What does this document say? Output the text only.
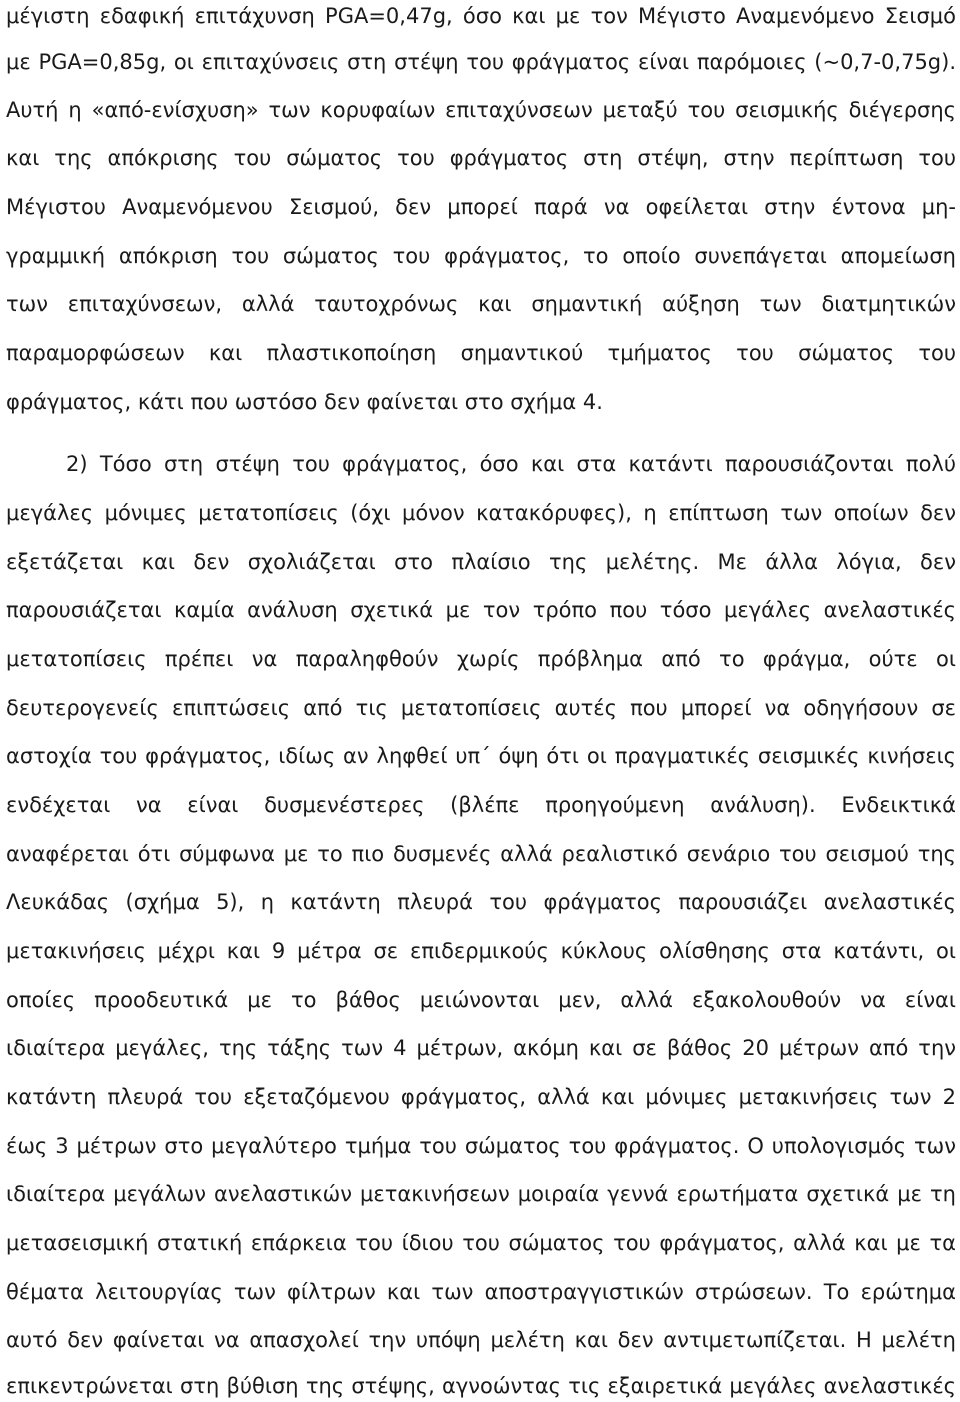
μέγιστη εδαφική επιτάχυνση PGA=0,47g, όσο και με τον Μέγιστο Αναμενόμενο Σεισμό
με PGA=0,85g, οι επιταχύνσεις στη στέψη του φράγματος είναι παρόμοιες (~0,7-0,75g).
Αυτή η «από-ενίσχυση» των κορυφαίων επιταχύνσεων μεταξύ του σεισμικής διέγερσης
και της απόκρισης του σώματος του φράγματος στη στέψη, στην περίπτωση του
Μέγιστου Αναμενόμενου Σεισμού, δεν μπορεί παρά να οφείλεται στην έντονα μη-
γραμμική απόκριση του σώματος του φράγματος, το οποίο συνεπάγεται απομείωση
των επιταχύνσεων, αλλά ταυτοχρόνως και σημαντική αύξηση των διατμητικών
παραμορφώσεων και πλαστικοποίηση σημαντικού τμήματος του σώματος του
φράγματος, κάτι που ωστόσο δεν φαίνεται στο σχήμα 4.
2) Τόσο στη στέψη του φράγματος, όσο και στα κατάντι παρουσιάζονται πολύ
μεγάλες μόνιμες μετατοπίσεις (όχι μόνον κατακόρυφες), η επίπτωση των οποίων δεν
εξετάζεται και δεν σχολιάζεται στο πλαίσιο της μελέτης. Με άλλα λόγια, δεν
παρουσιάζεται καμία ανάλυση σχετικά με τον τρόπο που τόσο μεγάλες ανελαστικές
μετατοπίσεις πρέπει να παραληφθούν χωρίς πρόβλημα από το φράγμα, ούτε οι
δευτερογενείς επιπτώσεις από τις μετατοπίσεις αυτές που μπορεί να οδηγήσουν σε
αστοχία του φράγματος, ιδίως αν ληφθεί υπ΄ όψη ότι οι πραγματικές σεισμικές κινήσεις
ενδέχεται να είναι δυσμενέστερες (βλέπε προηγούμενη ανάλυση). Ενδεικτικά
αναφέρεται ότι σύμφωνα με το πιο δυσμενές αλλά ρεαλιστικό σενάριο του σεισμού της
Λευκάδας (σχήμα 5), η κατάντη πλευρά του φράγματος παρουσιάζει ανελαστικές
μετακινήσεις μέχρι και 9 μέτρα σε επιδερμικούς κύκλους ολίσθησης στα κατάντι, οι
οποίες προοδευτικά με το βάθος μειώνονται μεν, αλλά εξακολουθούν να είναι
ιδιαίτερα μεγάλες, της τάξης των 4 μέτρων, ακόμη και σε βάθος 20 μέτρων από την
κατάντη πλευρά του εξεταζόμενου φράγματος, αλλά και μόνιμες μετακινήσεις των 2
έως 3 μέτρων στο μεγαλύτερο τμήμα του σώματος του φράγματος. Ο υπολογισμός των
ιδιαίτερα μεγάλων ανελαστικών μετακινήσεων μοιραία γεννά ερωτήματα σχετικά με τη
μετασεισμική στατική επάρκεια του ίδιου του σώματος του φράγματος, αλλά και με τα
θέματα λειτουργίας των φίλτρων και των αποστραγγιστικών στρώσεων. Το ερώτημα
αυτό δεν φαίνεται να απασχολεί την υπόψη μελέτη και δεν αντιμετωπίζεται. Η μελέτη
επικεντρώνεται στη βύθιση της στέψης, αγνοώντας τις εξαιρετικά μεγάλες ανελαστικές
